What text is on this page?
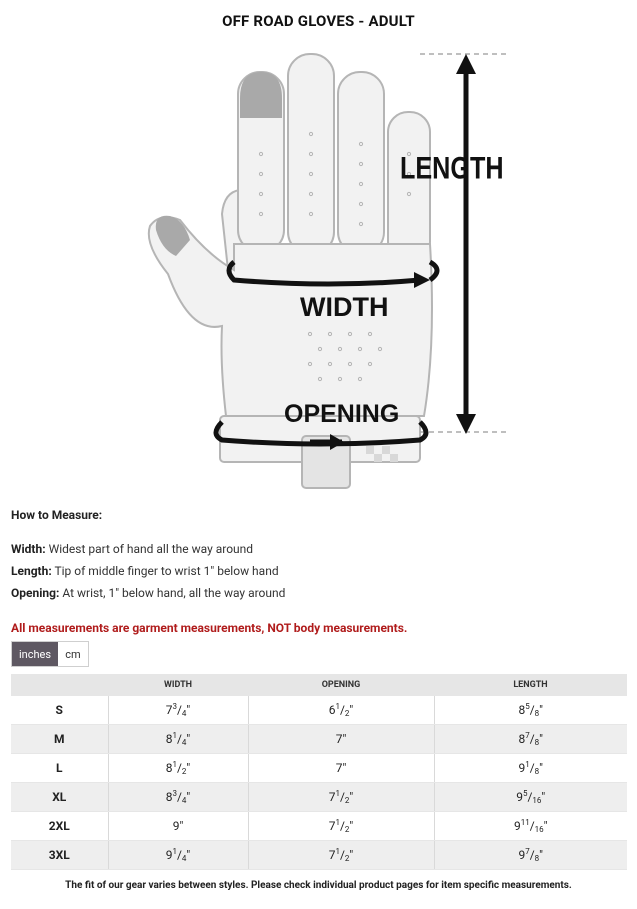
OFF ROAD GLOVES - ADULT
LENGTH
WIDTH
OPENING
How to Measure:
Width: Widest part of hand all the way around
Length: Tip of middle finger to wrist 1" below hand
Opening: At wrist, 1" below hand, all the way around
All measurements are garment measurements, NOT body measurements.
inches	cm
	WIDTH	OPENING	LENGTH
S	$7^3/_4$"	$6^1/_2$"	$8^5/_8$"
M	$8^1/_4$"	7"	$8^7/_8$"
L	$8^1/_2$"	7"	$9^1/_8$"
XL	$8^3/_4$"	$7^1/_2$"	$9^5/_{16}$"
2XL	9"	$7^1/_2$"	$9^{11}/_{16}$"
3XL	$9^1/_4$"	$7^1/_2$"	$9^7/_8$"
The fit of our gear varies between styles. Please check individual product pages for item specific measurements.
